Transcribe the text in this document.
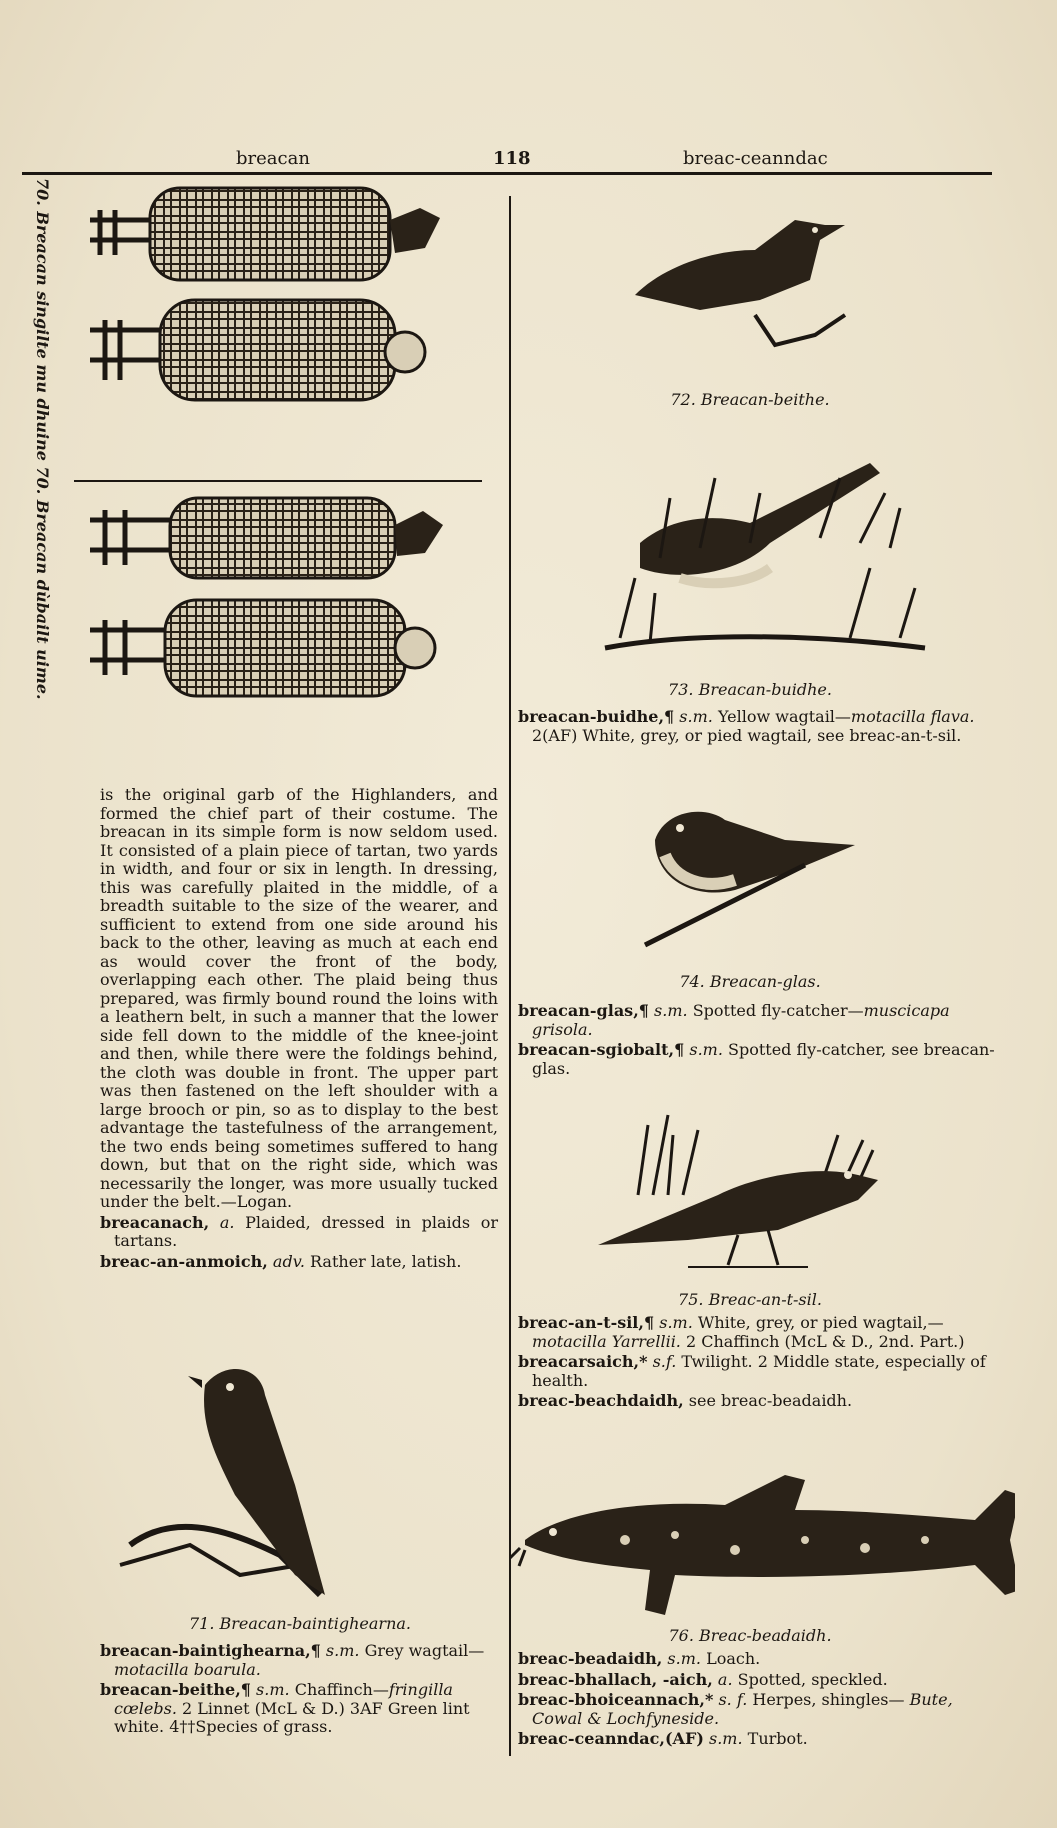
breacan	118	breac-ceanndac
70. Breacan singilte mu dhuine 70. Breacan dùbailt uime.

is the original garb of the Highlanders, and formed the chief part of their costume. The breacan in its simple form is now seldom used. It consisted of a plain piece of tartan, two yards in width, and four or six in length. In dressing, this was carefully plaited in the middle, of a breadth suitable to the size of the wearer, and sufficient to extend from one side around his back to the other, leaving as much at each end as would cover the front of the body, overlapping each other. The plaid being thus prepared, was firmly bound round the loins with a leathern belt, in such a manner that the lower side fell down to the middle of the knee-joint and then, while there were the foldings behind, the cloth was double in front. The upper part was then fastened on the left shoulder with a large brooch or pin, so as to display to the best advantage the tastefulness of the arrangement, the two ends being sometimes suffered to hang down, but that on the right side, which was necessarily the longer, was more usually tucked under the belt.—Logan.

breacanach, a. Plaided, dressed in plaids or tartans.

breac-an-anmoich, adv. Rather late, latish.

71. Breacan-baintighearna.

breacan-baintighearna,¶ s.m. Grey wagtail—motacilla boarula.

breacan-beithe,¶ s.m. Chaffinch—fringilla cœlebs. 2 Linnet (McL & D.) 3AF Green lint white. 4††Species of grass.

72. Breacan-beithe.
73. Breacan-buidhe.

breacan-buidhe,¶ s.m. Yellow wagtail—motacilla flava. 2(AF) White, grey, or pied wagtail, see breac-an-t-sil.

74. Breacan-glas.

breacan-glas,¶ s.m. Spotted fly-catcher—muscicapa grisola.

breacan-sgiobalt,¶ s.m. Spotted fly-catcher, see breacan-glas.

75. Breac-an-t-sil.

breac-an-t-sil,¶ s.m. White, grey, or pied wagtail,—motacilla Yarrellii. 2 Chaffinch (McL & D., 2nd. Part.)

breacarsaich,* s.f. Twilight. 2 Middle state, especially of health.

breac-beachdaidh, see breac-beadaidh.

76. Breac-beadaidh.

breac-beadaidh, s.m. Loach.

breac-bhallach, -aich, a. Spotted, speckled.

breac-bhoiceannach,* s. f. Herpes, shingles— Bute, Cowal & Lochfyneside.

breac-ceanndac,(AF) s.m. Turbot.
